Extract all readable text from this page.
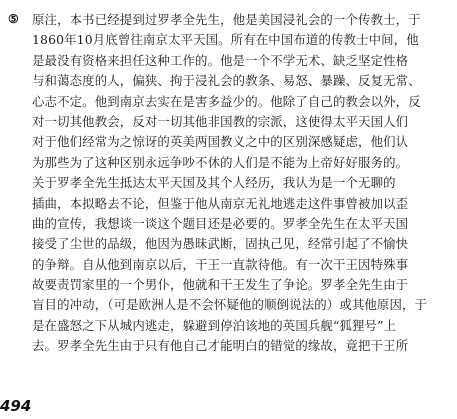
⑤ 原注，本书已经提到过罗孝全先生，他是美国浸礼会的一个传教士，于
1860年10月底曾往南京太平天国。所有在中国布道的传教士中间，他
是最没有资格来担任这种工作的。他是一个不学无术、缺乏坚定性格
与和蔼态度的人，偏狭、拘于浸礼会的教条、易怒、暴躁、反复无常、
心志不定。他到南京去实在是害多益少的。他除了自己的教会以外，反
对一切其他教会，反对一切其他非国教的宗派，这使得太平天国人们
对于他们经常为之惊讶的英美两国教义之中的区别深感疑虑，他们认
为那些为了这种区别永远争吵不休的人们是不能为上帝好好服务的。
关于罗孝全先生抵达太平天国及其个人经历，我认为是一个无聊的
插曲，本拟略去不论，但鉴于他从南京无礼地逃走这件事曾被加以歪
曲的宣传，我想谈一谈这个题目还是必要的。罗孝全先生在太平天国
接受了尘世的品级，他因为愚昧武断，固执己见，经常引起了不愉快
的争辩。自从他到南京以后，干王一直款待他。有一次干王因特殊事
故要责罚家里的一个男仆，他就和干王发生了争论。罗孝全先生由于
盲目的冲动，（可是欧洲人是不会怀疑他的顺倒说法的）或其他原因，于
是在盛怒之下从城内逃走，躲避到停泊该地的英国兵舰“狐狸号”上
去。罗孝全先生由于只有他自己才能明白的错觉的缘故，竟把干王所
494
